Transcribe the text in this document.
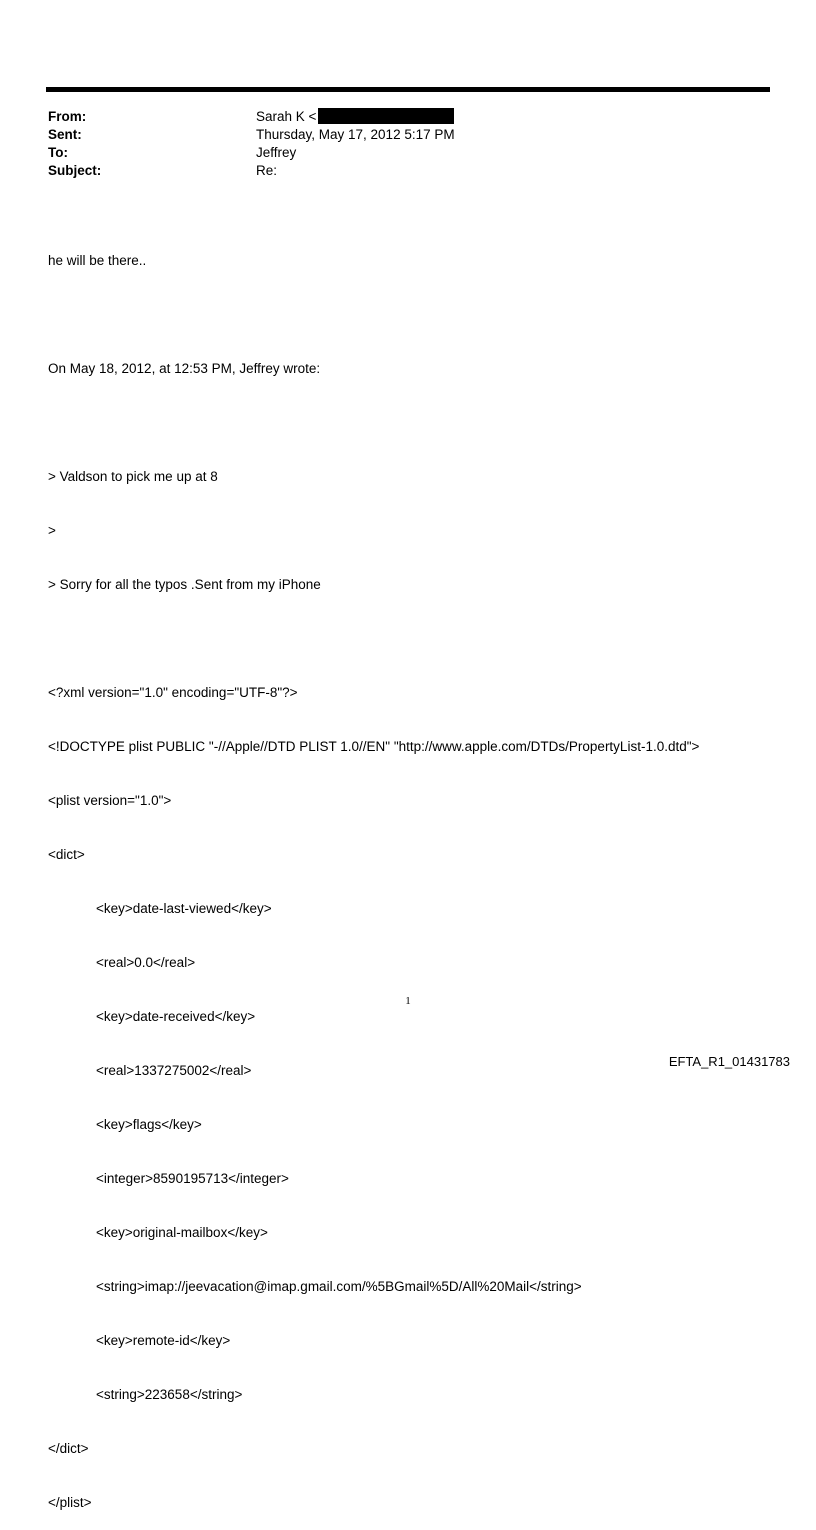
From:	Sarah K <
Sent:	Thursday, May 17, 2012 5:17 PM
To:	Jeffrey
Subject:	Re:

he will be there..

On May 18, 2012, at 12:53 PM, Jeffrey wrote:

> Valdson to pick me up at 8

>

> Sorry for all the typos .Sent from my iPhone

<?xml version="1.0" encoding="UTF-8"?>

<!DOCTYPE plist PUBLIC "-//Apple//DTD PLIST 1.0//EN" "http://www.apple.com/DTDs/PropertyList-1.0.dtd">

<plist version="1.0">

<dict>

<key>date-last-viewed</key>

<real>0.0</real>

<key>date-received</key>

<real>1337275002</real>

<key>flags</key>

<integer>8590195713</integer>

<key>original-mailbox</key>

<string>imap://jeevacation@imap.gmail.com/%5BGmail%5D/All%20Mail</string>

<key>remote-id</key>

<string>223658</string>

</dict>

</plist>

1
EFTA_R1_01431783
